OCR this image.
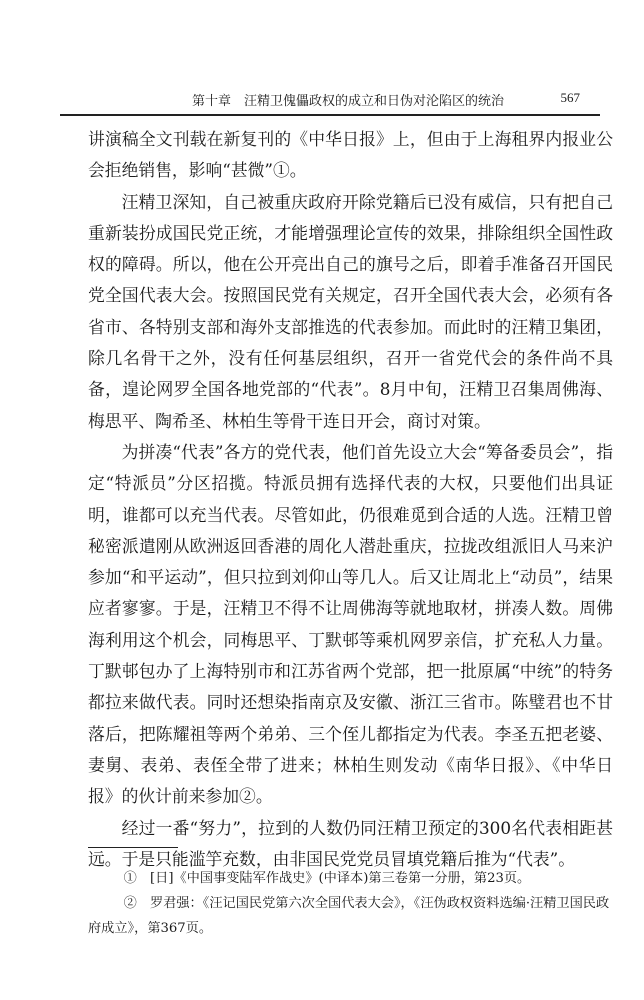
第十章　汪精卫傀儡政权的成立和日伪对沦陷区的统治	567

讲演稿全文刊载在新复刊的《中华日报》上，但由于上海租界内报业公会拒绝销售，影响“甚微”①。

汪精卫深知，自己被重庆政府开除党籍后已没有威信，只有把自己重新装扮成国民党正统，才能增强理论宣传的效果，排除组织全国性政权的障碍。所以，他在公开亮出自己的旗号之后，即着手准备召开国民党全国代表大会。按照国民党有关规定，召开全国代表大会，必须有各省市、各特别支部和海外支部推选的代表参加。而此时的汪精卫集团，除几名骨干之外，没有任何基层组织，召开一省党代会的条件尚不具备，遑论网罗全国各地党部的“代表”。8月中旬，汪精卫召集周佛海、梅思平、陶希圣、林柏生等骨干连日开会，商讨对策。

为拼凑“代表”各方的党代表，他们首先设立大会“筹备委员会”，指定“特派员”分区招揽。特派员拥有选择代表的大权，只要他们出具证明，谁都可以充当代表。尽管如此，仍很难觅到合适的人选。汪精卫曾秘密派遣刚从欧洲返回香港的周化人潜赴重庆，拉拢改组派旧人马来沪参加“和平运动”，但只拉到刘仰山等几人。后又让周北上“动员”，结果应者寥寥。于是，汪精卫不得不让周佛海等就地取材，拼凑人数。周佛海利用这个机会，同梅思平、丁默邨等乘机网罗亲信，扩充私人力量。丁默邨包办了上海特别市和江苏省两个党部，把一批原属“中统”的特务都拉来做代表。同时还想染指南京及安徽、浙江三省市。陈璧君也不甘落后，把陈耀祖等两个弟弟、三个侄儿都指定为代表。李圣五把老婆、妻舅、表弟、表侄全带了进来；林柏生则发动《南华日报》、《中华日报》的伙计前来参加②。

经过一番“努力”，拉到的人数仍同汪精卫预定的300名代表相距甚远。于是只能滥竽充数，由非国民党党员冒填党籍后推为“代表”。

①　[日]《中国事变陆军作战史》(中译本)第三卷第一分册，第23页。

②　罗君强：《汪记国民党第六次全国代表大会》，《汪伪政权资料选编·汪精卫国民政府成立》，第367页。
